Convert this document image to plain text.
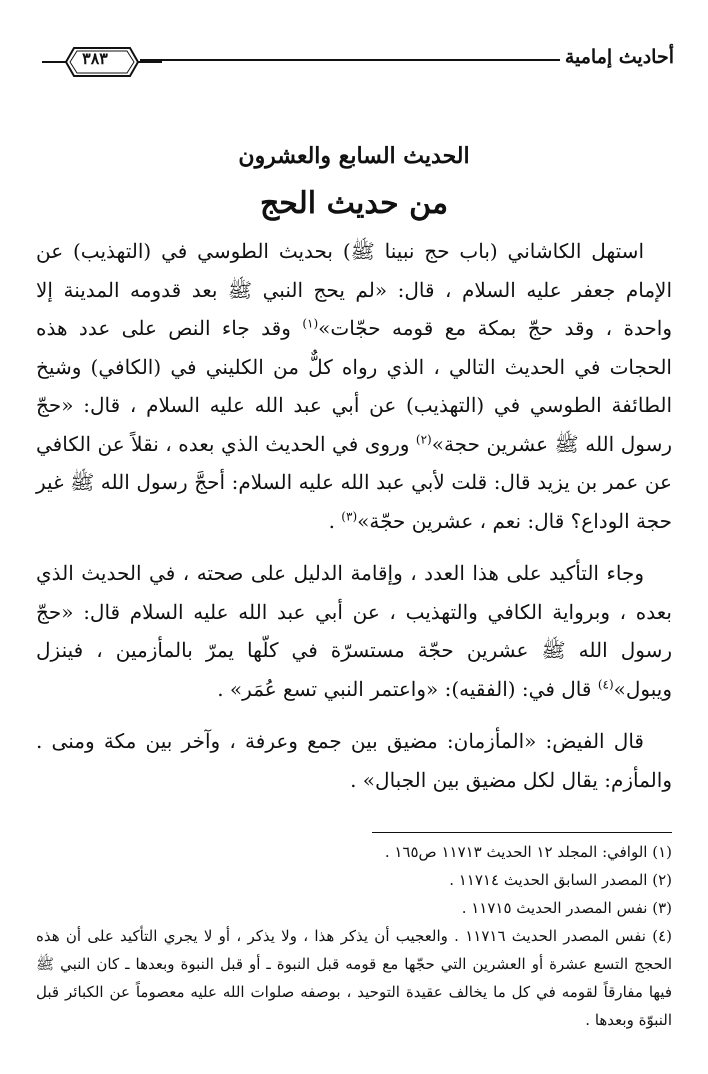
أحاديث إمامية
٣٨٣
الحديث السابع والعشرون
من حديث الحج

استهل الكاشاني (باب حج نبينا ﷺ) بحديث الطوسي في (التهذيب) عن الإمام جعفر عليه السلام ، قال: «لم يحج النبي ﷺ بعد قدومه المدينة إلا واحدة ، وقد حجّ بمكة مع قومه حجّات»$^{(١)}$ وقد جاء النص على عدد هذه الحجات في الحديث التالي ، الذي رواه كلٌّ من الكليني في (الكافي) وشيخ الطائفة الطوسي في (التهذيب) عن أبي عبد الله عليه السلام ، قال: «حجّ رسول الله ﷺ عشرين حجة»$^{(٢)}$ وروى في الحديث الذي بعده ، نقلاً عن الكافي عن عمر بن يزيد قال: قلت لأبي عبد الله عليه السلام: أحجَّ رسول الله ﷺ غير حجة الوداع؟ قال: نعم ، عشرين حجّة»$^{(٣)}$ .

وجاء التأكيد على هذا العدد ، وإقامة الدليل على صحته ، في الحديث الذي بعده ، وبرواية الكافي والتهذيب ، عن أبي عبد الله عليه السلام قال: «حجّ رسول الله ﷺ عشرين حجّة مستسرّة في كلّها يمرّ بالمأزمين ، فينزل ويبول»$^{(٤)}$ قال في: (الفقيه): «واعتمر النبي تسع عُمَر» .

قال الفيض: «المأزمان: مضيق بين جمع وعرفة ، وآخر بين مكة ومنى . والمأزم: يقال لكل مضيق بين الجبال» .

(١) الوافي: المجلد ١٢ الحديث ١١٧١٣ ص١٦٥ .

(٢) المصدر السابق الحديث ١١٧١٤ .

(٣) نفس المصدر الحديث ١١٧١٥ .

(٤) نفس المصدر الحديث ١١٧١٦ . والعجيب أن يذكر هذا ، ولا يذكر ، أو لا يجري التأكيد على أن هذه الحجج التسع عشرة أو العشرين التي حجّها مع قومه قبل النبوة ـ أو قبل النبوة وبعدها ـ كان النبي ﷺ فيها مفارقاً لقومه في كل ما يخالف عقيدة التوحيد ، بوصفه صلوات الله عليه معصوماً عن الكبائر قبل النبوّة وبعدها .
